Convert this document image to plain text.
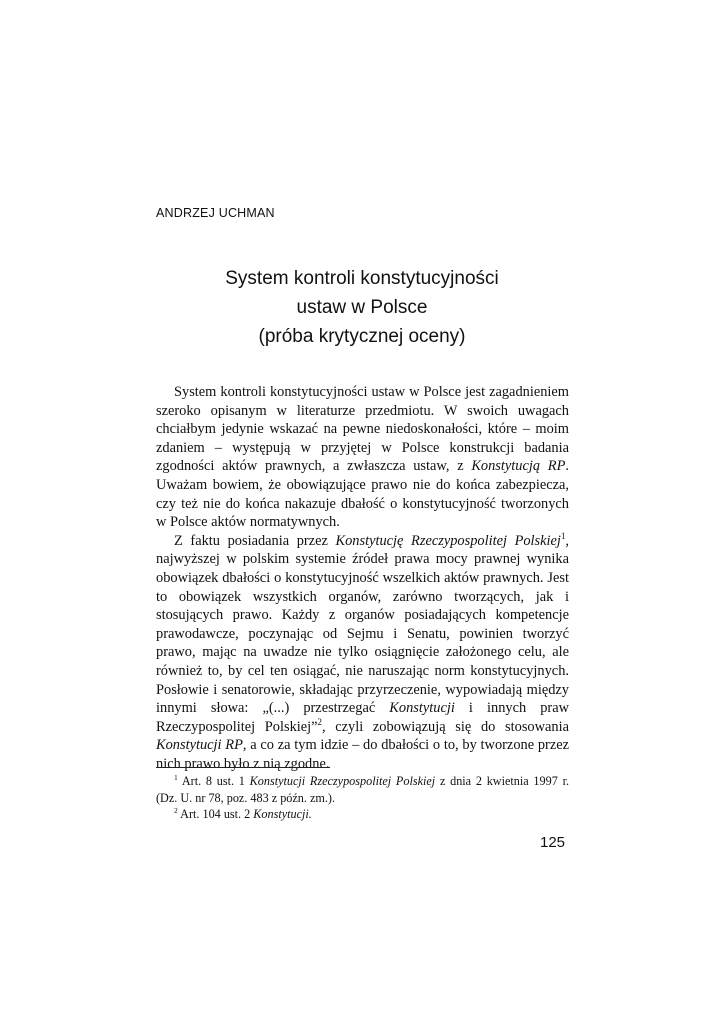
ANDRZEJ UCHMAN
System kontroli konstytucyjności
ustaw w Polsce
(próba krytycznej oceny)

System kontroli konstytucyjności ustaw w Polsce jest zagadnieniem szeroko opisanym w literaturze przedmiotu. W swoich uwagach chciałbym jedynie wskazać na pewne niedoskonałości, które – moim zdaniem – występują w przyjętej w Polsce konstrukcji badania zgodności aktów prawnych, a zwłaszcza ustaw, z Konstytucją RP. Uważam bowiem, że obowiązujące prawo nie do końca zabezpiecza, czy też nie do końca nakazuje dbałość o konstytucyjność tworzonych w Polsce aktów normatywnych.

Z faktu posiadania przez Konstytucję Rzeczypospolitej Polskiej$^1$, najwyższej w polskim systemie źródeł prawa mocy prawnej wynika obowiązek dbałości o konstytucyjność wszelkich aktów prawnych. Jest to obowiązek wszystkich organów, zarówno tworzących, jak i stosujących prawo. Każdy z organów posiadających kompetencje prawodawcze, poczynając od Sejmu i Senatu, powinien tworzyć prawo, mając na uwadze nie tylko osiągnięcie założonego celu, ale również to, by cel ten osiągać, nie naruszając norm konstytucyjnych. Posłowie i senatorowie, składając przyrzeczenie, wypowiadają między innymi słowa: „(...) przestrzegać Konstytucji i innych praw Rzeczypospolitej Polskiej”$^2$, czyli zobowiązują się do stosowania Konstytucji RP, a co za tym idzie – do dbałości o to, by tworzone przez nich prawo było z nią zgodne.

$^1$ Art. 8 ust. 1 Konstytucji Rzeczypospolitej Polskiej z dnia 2 kwietnia 1997 r. (Dz. U. nr 78, poz. 483 z późn. zm.).

$^2$ Art. 104 ust. 2 Konstytucji.

125
